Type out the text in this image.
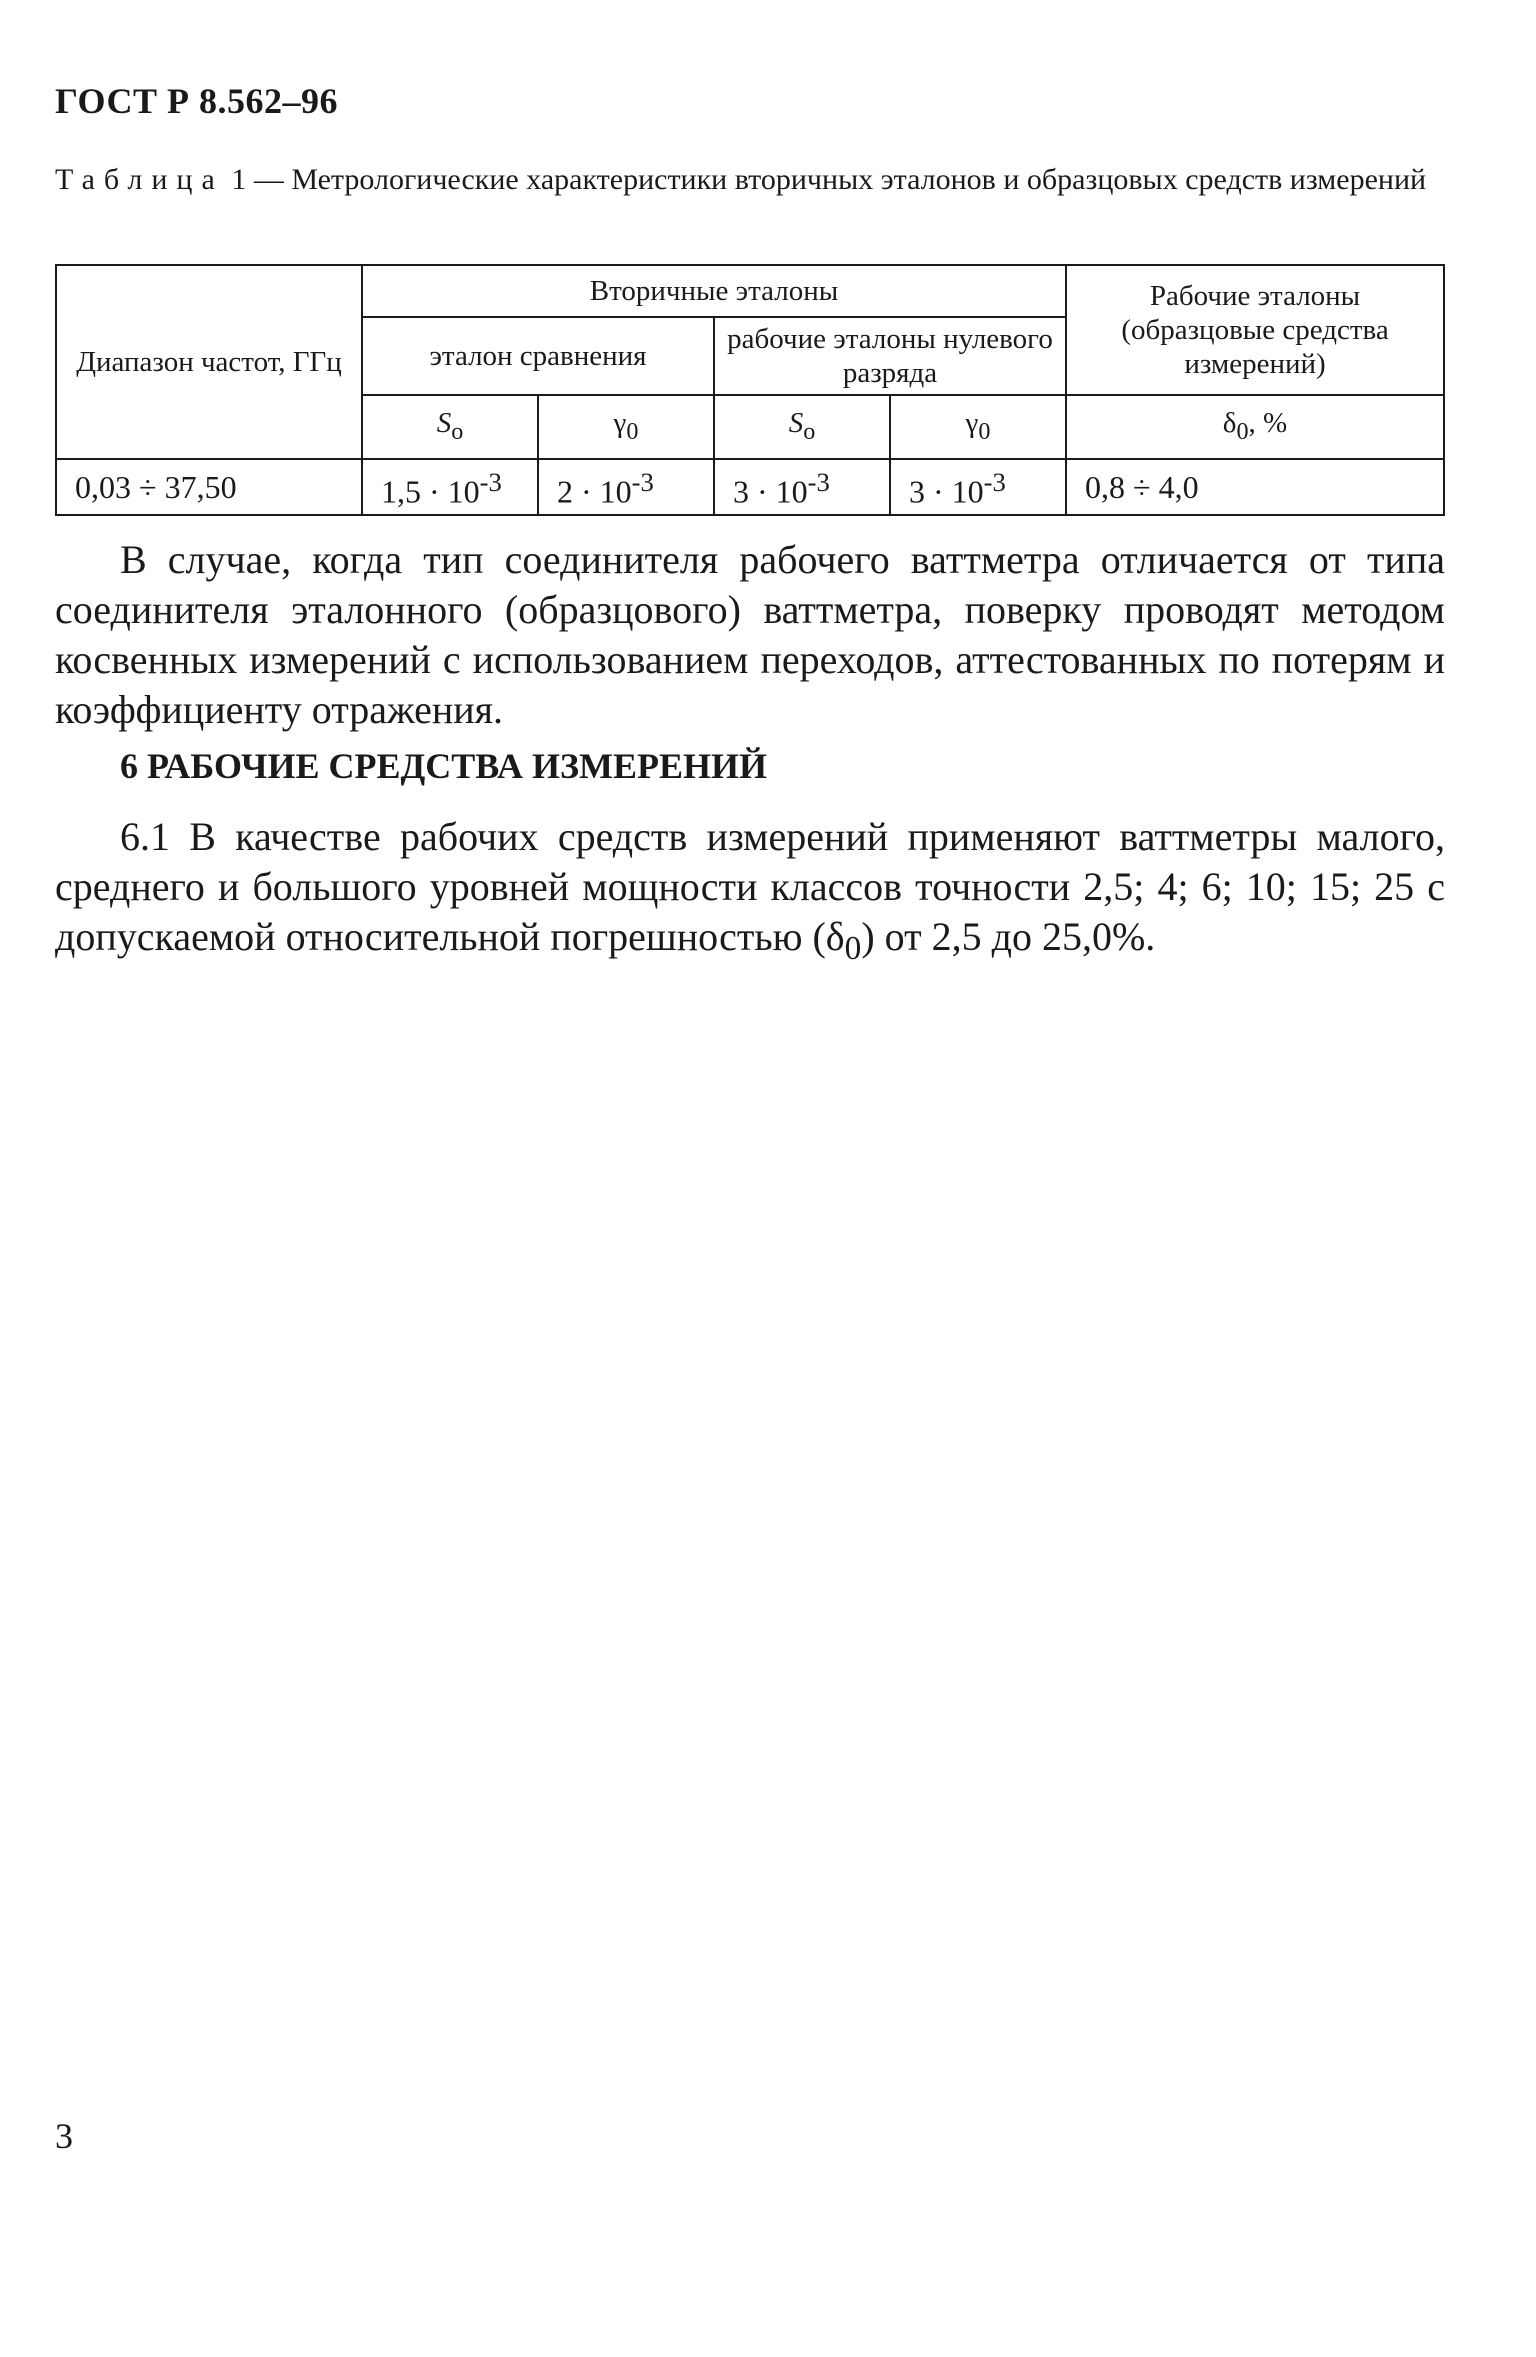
ГОСТ Р 8.562–96
Таблица 1 — Метрологические характеристики вторичных эталонов и образцовых средств измерений
Диапазон частот, ГГц	Вторичные эталоны				Рабочие эталоны (образцовые средства измерений)
	эталон сравнения		рабочие эталоны нулевого разряда		
	$S_о$	$\gamma_0$	$S_о$	$\gamma_0$	$\delta_0$, %
0,03 ÷ 37,50	$1,5 \cdot 10^{-3}$	$2 \cdot 10^{-3}$	$3 \cdot 10^{-3}$	$3 \cdot 10^{-3}$	0,8 ÷ 4,0
В случае, когда тип соединителя рабочего ваттметра отличается от типа соединителя эталонного (образцового) ваттметра, поверку проводят методом косвенных измерений с использованием переходов, аттестованных по потерям и коэффициенту отражения.
6 РАБОЧИЕ СРЕДСТВА ИЗМЕРЕНИЙ
6.1 В качестве рабочих средств измерений применяют ваттметры малого, среднего и большого уровней мощности классов точности 2,5; 4; 6; 10; 15; 25 с допускаемой относительной погрешностью $(\delta_0)$ от 2,5 до 25,0%.
3
